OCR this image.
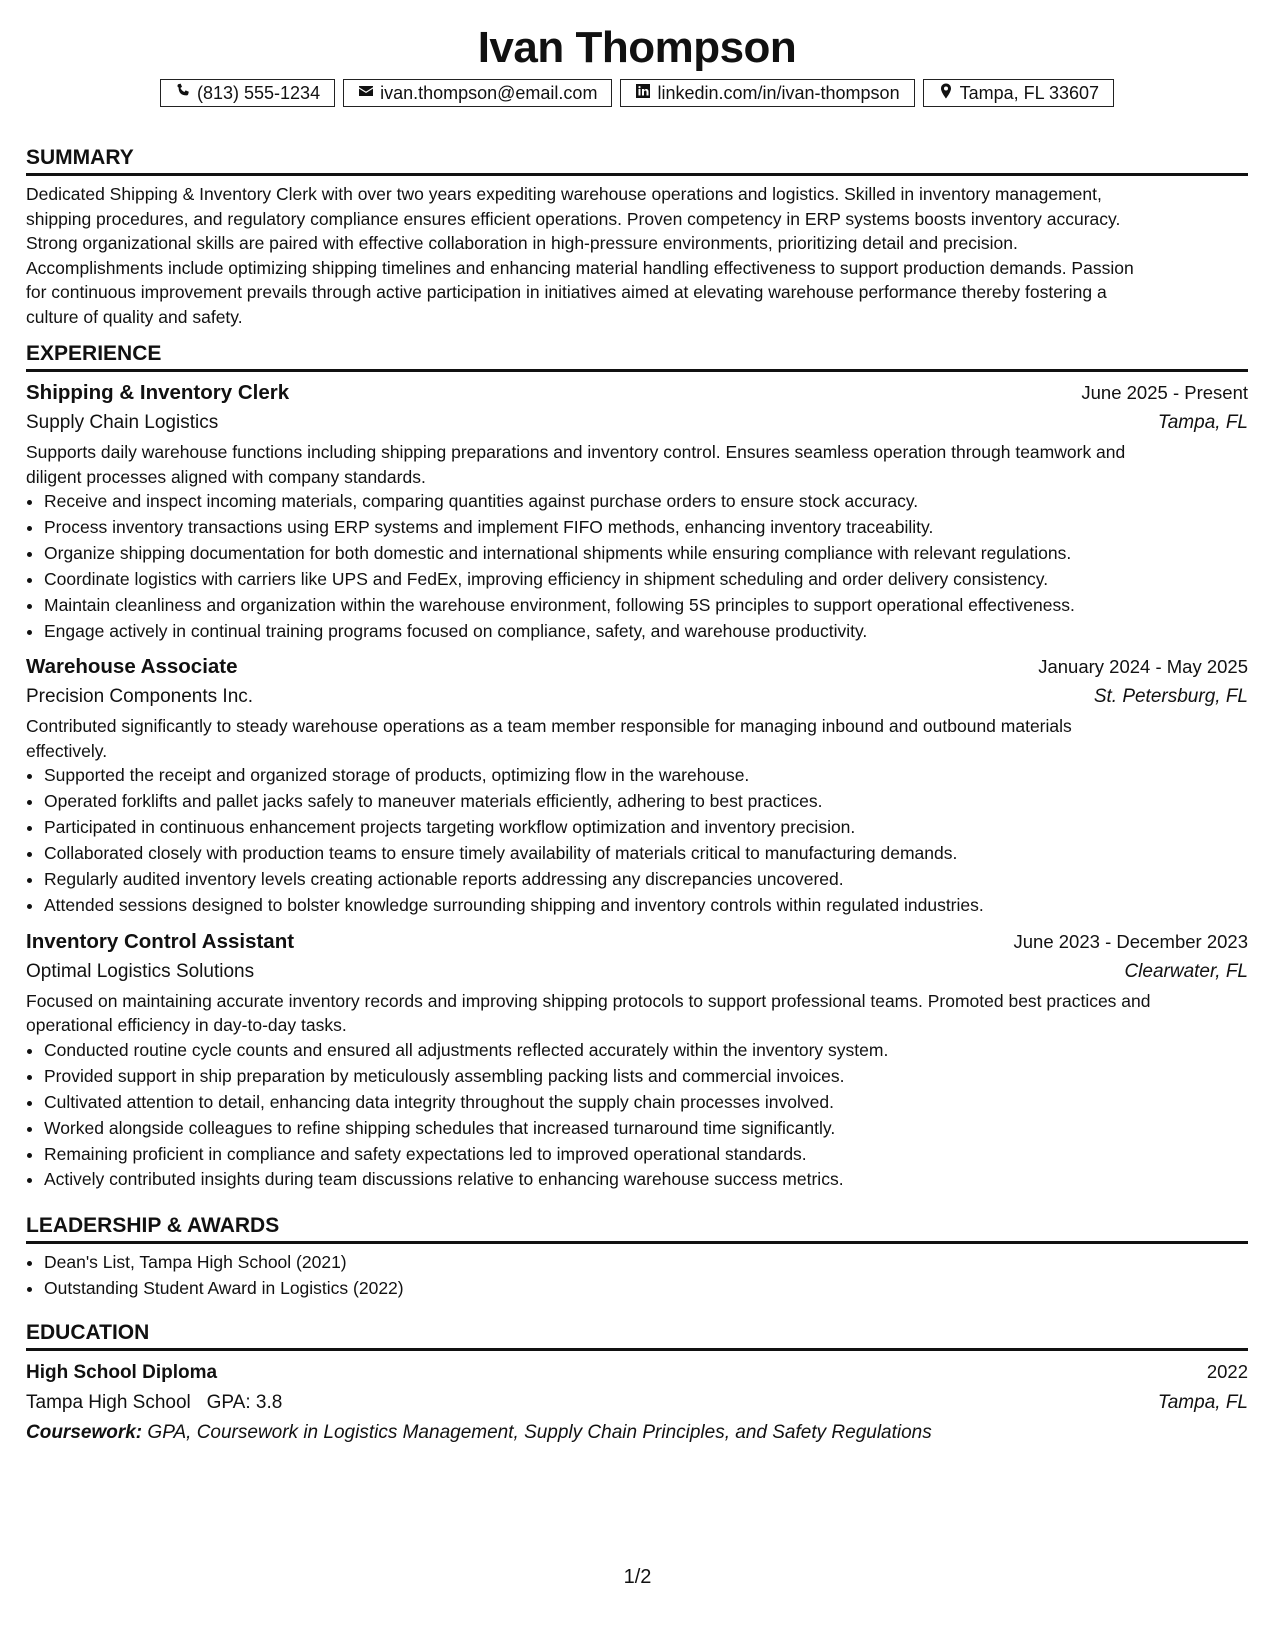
Ivan Thompson
(813) 555-1234	ivan.thompson@email.com	linkedin.com/in/ivan-thompson	Tampa, FL 33607
SUMMARY

Dedicated Shipping & Inventory Clerk with over two years expediting warehouse operations and logistics. Skilled in inventory management,
shipping procedures, and regulatory compliance ensures efficient operations. Proven competency in ERP systems boosts inventory accuracy.
Strong organizational skills are paired with effective collaboration in high-pressure environments, prioritizing detail and precision.
Accomplishments include optimizing shipping timelines and enhancing material handling effectiveness to support production demands. Passion
for continuous improvement prevails through active participation in initiatives aimed at elevating warehouse performance thereby fostering a
culture of quality and safety.

EXPERIENCE
Shipping & Inventory Clerk	June 2025 - Present
Supply Chain Logistics	Tampa, FL

Supports daily warehouse functions including shipping preparations and inventory control. Ensures seamless operation through teamwork and
diligent processes aligned with company standards.

• Receive and inspect incoming materials, comparing quantities against purchase orders to ensure stock accuracy.
• Process inventory transactions using ERP systems and implement FIFO methods, enhancing inventory traceability.
• Organize shipping documentation for both domestic and international shipments while ensuring compliance with relevant regulations.
• Coordinate logistics with carriers like UPS and FedEx, improving efficiency in shipment scheduling and order delivery consistency.
• Maintain cleanliness and organization within the warehouse environment, following 5S principles to support operational effectiveness.
• Engage actively in continual training programs focused on compliance, safety, and warehouse productivity.
Warehouse Associate	January 2024 - May 2025
Precision Components Inc.	St. Petersburg, FL

Contributed significantly to steady warehouse operations as a team member responsible for managing inbound and outbound materials
effectively.

• Supported the receipt and organized storage of products, optimizing flow in the warehouse.
• Operated forklifts and pallet jacks safely to maneuver materials efficiently, adhering to best practices.
• Participated in continuous enhancement projects targeting workflow optimization and inventory precision.
• Collaborated closely with production teams to ensure timely availability of materials critical to manufacturing demands.
• Regularly audited inventory levels creating actionable reports addressing any discrepancies uncovered.
• Attended sessions designed to bolster knowledge surrounding shipping and inventory controls within regulated industries.
Inventory Control Assistant	June 2023 - December 2023
Optimal Logistics Solutions	Clearwater, FL

Focused on maintaining accurate inventory records and improving shipping protocols to support professional teams. Promoted best practices and
operational efficiency in day-to-day tasks.

• Conducted routine cycle counts and ensured all adjustments reflected accurately within the inventory system.
• Provided support in ship preparation by meticulously assembling packing lists and commercial invoices.
• Cultivated attention to detail, enhancing data integrity throughout the supply chain processes involved.
• Worked alongside colleagues to refine shipping schedules that increased turnaround time significantly.
• Remaining proficient in compliance and safety expectations led to improved operational standards.
• Actively contributed insights during team discussions relative to enhancing warehouse success metrics.
LEADERSHIP & AWARDS
• Dean's List, Tampa High School (2021)
• Outstanding Student Award in Logistics (2022)
EDUCATION
High School Diploma	2022
Tampa High School GPA: 3.8	Tampa, FL
Coursework: GPA, Coursework in Logistics Management, Supply Chain Principles, and Safety Regulations
1/2
